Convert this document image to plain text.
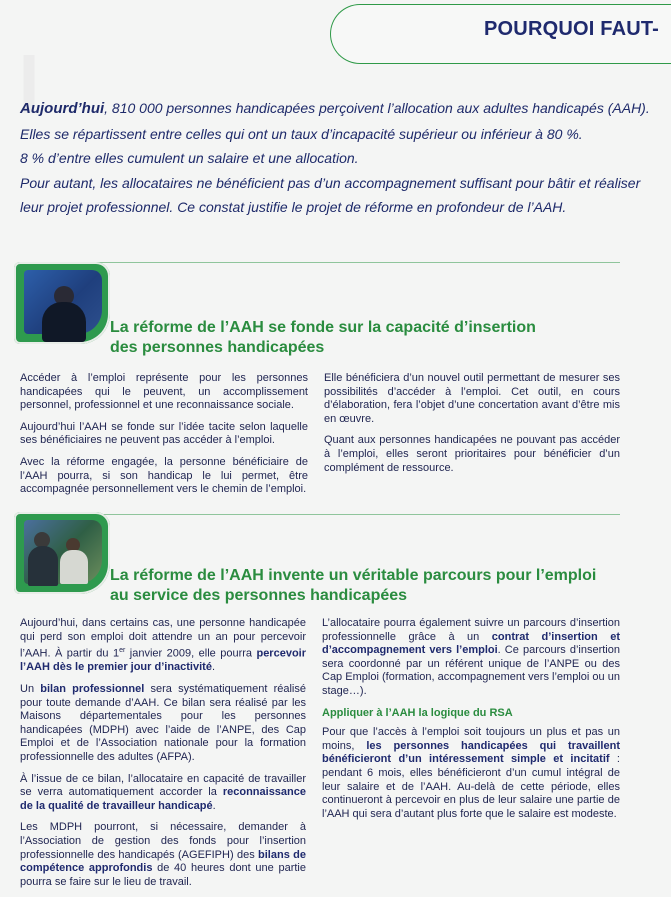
l
POURQUOI FAUT-

Aujourd’hui, 810 000 personnes handicapées perçoivent l’allocation aux adultes handicapés (AAH).

Elles se répartissent entre celles qui ont un taux d’incapacité supérieur ou inférieur à 80 %.

8 % d’entre elles cumulent un salaire et une allocation.

Pour autant, les allocataires ne bénéficient pas d’un accompagnement suffisant pour bâtir et réaliser

leur projet professionnel. Ce constat justifie le projet de réforme en profondeur de l’AAH.

La réforme de l’AAH se fonde sur la capacité d’insertion
des personnes handicapées

Accéder à l’emploi représente pour les personnes handicapées qui le peuvent, un accomplissement personnel, professionnel et une reconnaissance sociale.

Aujourd’hui l’AAH se fonde sur l’idée tacite selon laquelle ses bénéficiaires ne peuvent pas accéder à l’emploi.

Avec la réforme engagée, la personne bénéficiaire de l’AAH pourra, si son handicap le lui permet, être accompagnée personnellement vers le chemin de l’emploi.

Elle bénéficiera d’un nouvel outil permettant de mesurer ses possibilités d’accéder à l’emploi. Cet outil, en cours d’élaboration, fera l’objet d’une concertation avant d’être mis en œuvre.

Quant aux personnes handicapées ne pouvant pas accéder à l’emploi, elles seront prioritaires pour bénéficier d’un complément de ressource.

La réforme de l’AAH invente un véritable parcours pour l’emploi
au service des personnes handicapées

Aujourd’hui, dans certains cas, une personne handicapée qui perd son emploi doit attendre un an pour percevoir l’AAH. À partir du 1er janvier 2009, elle pourra percevoir l’AAH dès le premier jour d’inactivité.

Un bilan professionnel sera systématiquement réalisé pour toute demande d’AAH. Ce bilan sera réalisé par les Maisons départementales pour les personnes handicapées (MDPH) avec l’aide de l’ANPE, des Cap Emploi et de l’Association nationale pour la formation professionnelle des adultes (AFPA).

À l’issue de ce bilan, l’allocataire en capacité de travailler se verra automatiquement accorder la reconnaissance de la qualité de travailleur handicapé.

Les MDPH pourront, si nécessaire, demander à l’Association de gestion des fonds pour l’insertion professionnelle des handicapés (AGEFIPH) des bilans de compétence approfondis de 40 heures dont une partie pourra se faire sur le lieu de travail.

L’allocataire pourra également suivre un parcours d’insertion professionnelle grâce à un contrat d’insertion et d’accompagnement vers l’emploi. Ce parcours d’insertion sera coordonné par un référent unique de l’ANPE ou des Cap Emploi (formation, accompagnement vers l’emploi ou un stage…).

Appliquer à l’AAH la logique du RSA

Pour que l’accès à l’emploi soit toujours un plus et pas un moins, les personnes handicapées qui travaillent bénéficieront d’un intéressement simple et incitatif : pendant 6 mois, elles bénéficieront d’un cumul intégral de leur salaire et de l’AAH. Au-delà de cette période, elles continueront à percevoir en plus de leur salaire une partie de l’AAH qui sera d’autant plus forte que le salaire est modeste.
